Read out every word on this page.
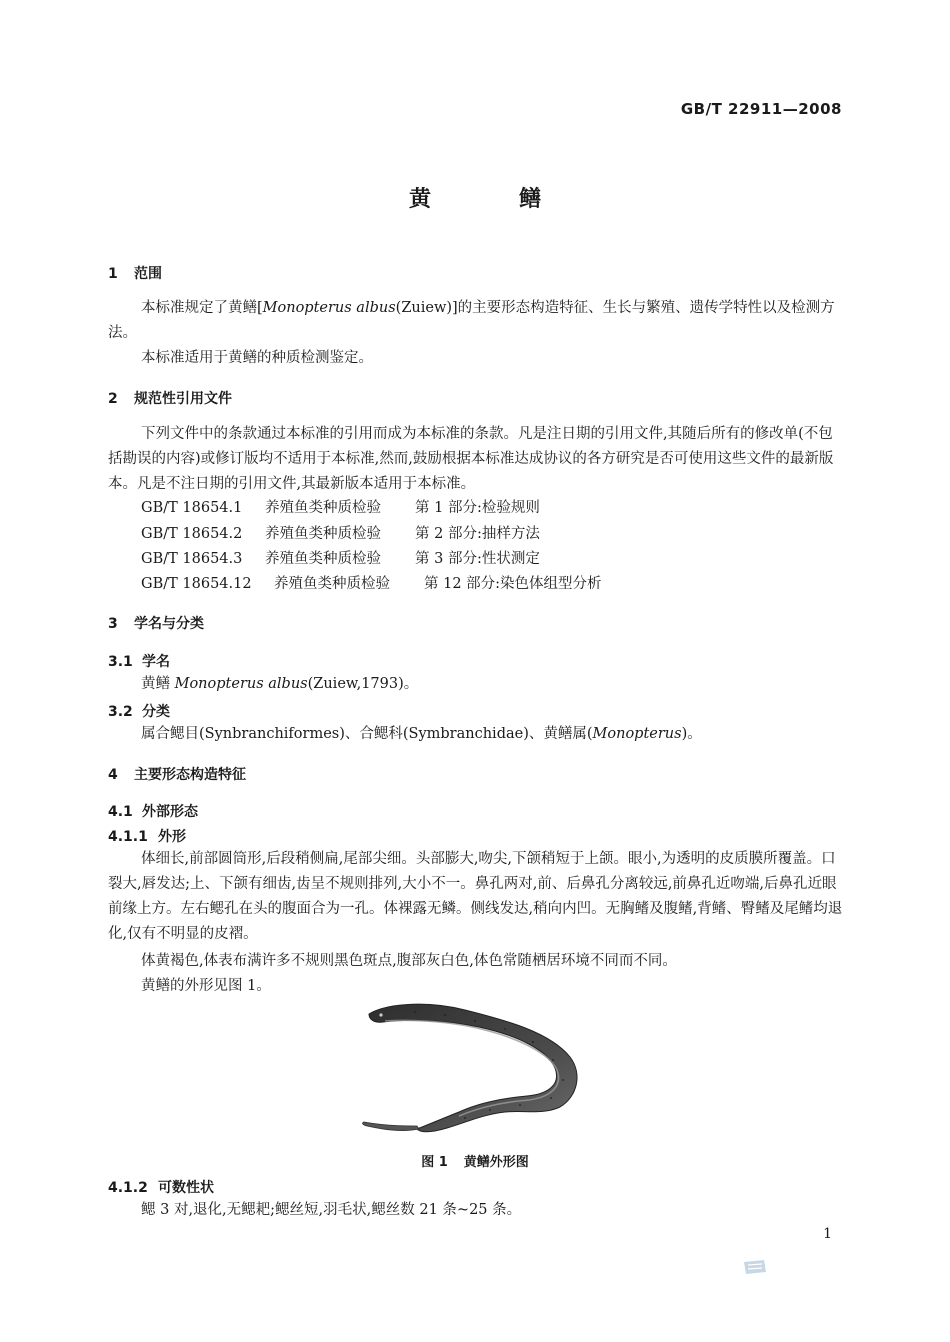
GB/T 22911—2008
黄	鳝
1 范围

本标准规定了黄鳝[Monopterus albus(Zuiew)]的主要形态构造特征、生长与繁殖、遗传学特性以及检测方法。

本标准适用于黄鳝的种质检测鉴定。

2 规范性引用文件

下列文件中的条款通过本标准的引用而成为本标准的条款。凡是注日期的引用文件,其随后所有的修改单(不包括勘误的内容)或修订版均不适用于本标准,然而,鼓励根据本标准达成协议的各方研究是否可使用这些文件的最新版本。凡是不注日期的引用文件,其最新版本适用于本标准。

GB/T 18654.1 养殖鱼类种质检验 第 1 部分:检验规则
GB/T 18654.2 养殖鱼类种质检验 第 2 部分:抽样方法
GB/T 18654.3 养殖鱼类种质检验 第 3 部分:性状测定
GB/T 18654.12 养殖鱼类种质检验 第 12 部分:染色体组型分析
3 学名与分类
3.1 学名

黄鳝 Monopterus albus(Zuiew,1793)。

3.2 分类

属合鳃目(Synbranchiformes)、合鳃科(Symbranchidae)、黄鳝属(Monopterus)。

4 主要形态构造特征
4.1 外部形态
4.1.1 外形

体细长,前部圆筒形,后段稍侧扁,尾部尖细。头部膨大,吻尖,下颌稍短于上颌。眼小,为透明的皮质膜所覆盖。口裂大,唇发达;上、下颌有细齿,齿呈不规则排列,大小不一。鼻孔两对,前、后鼻孔分离较远,前鼻孔近吻端,后鼻孔近眼前缘上方。左右鳃孔在头的腹面合为一孔。体裸露无鳞。侧线发达,稍向内凹。无胸鳍及腹鳍,背鳍、臀鳍及尾鳍均退化,仅有不明显的皮褶。

体黄褐色,体表布满许多不规则黑色斑点,腹部灰白色,体色常随栖居环境不同而不同。

黄鳝的外形见图 1。

图 1 黄鳝外形图
4.1.2 可数性状

鳃 3 对,退化,无鳃耙;鳃丝短,羽毛状,鳃丝数 21 条~25 条。

1
